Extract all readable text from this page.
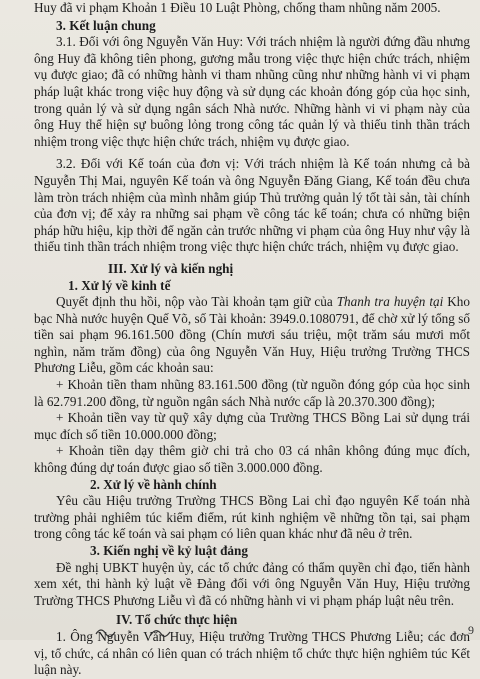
Huy đã vi phạm Khoản 1 Điều 10 Luật Phòng, chống tham nhũng năm 2005.

3. Kết luận chung

3.1. Đối với ông Nguyễn Văn Huy: Với trách nhiệm là người đứng đầu nhưng ông Huy đã không tiên phong, gương mẫu trong việc thực hiện chức trách, nhiệm vụ được giao; đã có những hành vi tham nhũng cũng như những hành vi vi phạm pháp luật khác trong việc huy động và sử dụng các khoản đóng góp của học sinh, trong quản lý và sử dụng ngân sách Nhà nước. Những hành vi vi phạm này của ông Huy thể hiện sự buông lỏng trong công tác quản lý và thiếu tinh thần trách nhiệm trong việc thực hiện chức trách, nhiệm vụ được giao.

3.2. Đối với Kế toán của đơn vị: Với trách nhiệm là Kế toán nhưng cả bà Nguyễn Thị Mai, nguyên Kế toán và ông Nguyễn Đăng Giang, Kế toán đều chưa làm tròn trách nhiệm của mình nhằm giúp Thủ trưởng quản lý tốt tài sản, tài chính của đơn vị; để xảy ra những sai phạm về công tác kế toán; chưa có những biện pháp hữu hiệu, kịp thời để ngăn cản trước những vi phạm của ông Huy như vậy là thiếu tinh thần trách nhiệm trong việc thực hiện chức trách, nhiệm vụ được giao.

III. Xử lý và kiến nghị

1. Xử lý về kinh tế

Quyết định thu hồi, nộp vào Tài khoản tạm giữ của Thanh tra huyện tại Kho bạc Nhà nước huyện Quế Võ, số Tài khoản: 3949.0.1080791, để chờ xử lý tổng số tiền sai phạm 96.161.500 đồng (Chín mươi sáu triệu, một trăm sáu mươi mốt nghìn, năm trăm đồng) của ông Nguyễn Văn Huy, Hiệu trưởng Trường THCS Phương Liễu, gồm các khoản sau:

+ Khoản tiền tham nhũng 83.161.500 đồng (từ nguồn đóng góp của học sinh là 62.791.200 đồng, từ nguồn ngân sách Nhà nước cấp là 20.370.300 đồng);

+ Khoản tiền vay từ quỹ xây dựng của Trường THCS Bồng Lai sử dụng trái mục đích số tiền 10.000.000 đồng;

+ Khoản tiền dạy thêm giờ chi trả cho 03 cá nhân không đúng mục đích, không đúng dự toán được giao số tiền 3.000.000 đồng.

2. Xử lý về hành chính

Yêu cầu Hiệu trưởng Trường THCS Bồng Lai chỉ đạo nguyên Kế toán nhà trường phải nghiêm túc kiểm điểm, rút kinh nghiệm về những tồn tại, sai phạm trong công tác kế toán và sai phạm có liên quan khác như đã nêu ở trên.

3. Kiến nghị về kỷ luật đảng

Đề nghị UBKT huyện ủy, các tổ chức đảng có thẩm quyền chỉ đạo, tiến hành xem xét, thi hành kỷ luật về Đảng đối với ông Nguyễn Văn Huy, Hiệu trưởng Trường THCS Phương Liễu vì đã có những hành vi vi phạm pháp luật nêu trên.

IV. Tổ chức thực hiện

1. Ông Nguyễn Văn Huy, Hiệu trưởng Trường THCS Phương Liễu; các đơn vị, tổ chức, cá nhân có liên quan có trách nhiệm tổ chức thực hiện nghiêm túc Kết luận này.

9
